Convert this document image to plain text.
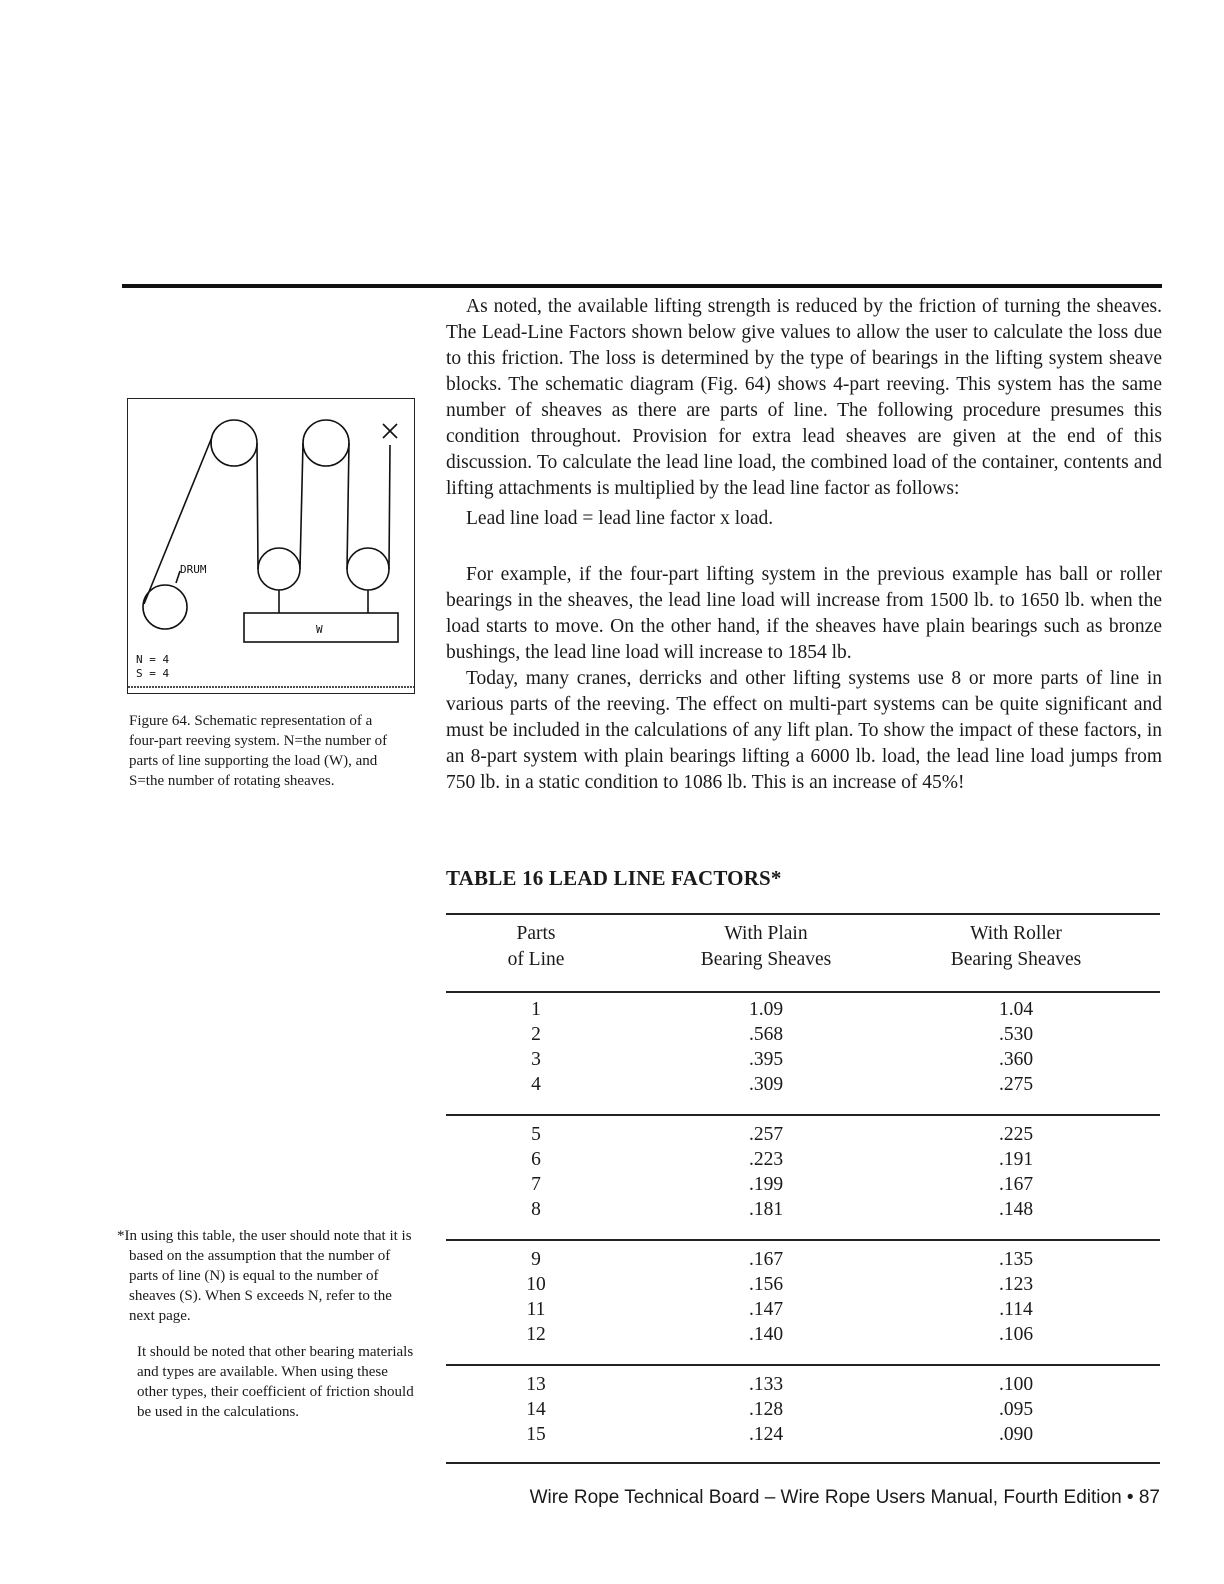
As noted, the available lifting strength is reduced by the friction of turning the sheaves. The Lead-Line Factors shown below give values to allow the user to calculate the loss due to this friction. The loss is determined by the type of bearings in the lifting system sheave blocks. The schematic diagram (Fig. 64) shows 4-part reeving. This system has the same number of sheaves as there are parts of line. The following procedure presumes this condition throughout. Provision for extra lead sheaves are given at the end of this discussion. To calculate the lead line load, the combined load of the container, contents and lifting attachments is multiplied by the lead line factor as follows:

Lead line load = lead line factor x load.

For example, if the four-part lifting system in the previous example has ball or roller bearings in the sheaves, the lead line load will increase from 1500 lb. to 1650 lb. when the load starts to move. On the other hand, if the sheaves have plain bearings such as bronze bushings, the lead line load will increase to 1854 lb.

Today, many cranes, derricks and other lifting systems use 8 or more parts of line in various parts of the reeving. The effect on multi-part systems can be quite significant and must be included in the calculations of any lift plan. To show the impact of these factors, in an 8-part system with plain bearings lifting a 6000 lb. load, the lead line load jumps from 750 lb. in a static condition to 1086 lb. This is an increase of 45%!

DRUM
W
N = 4
S = 4
Figure 64. Schematic representation of a four-part reeving system. N=the number of parts of line supporting the load (W), and S=the number of rotating sheaves.
TABLE 16 LEAD LINE FACTORS*
Parts
of Line
With Plain
Bearing Sheaves
With Roller
Bearing Sheaves
1	1.09	1.04
2	.568	.530
3	.395	.360
4	.309	.275
5	.257	.225
6	.223	.191
7	.199	.167
8	.181	.148
9	.167	.135
10	.156	.123
11	.147	.114
12	.140	.106
13	.133	.100
14	.128	.095
15	.124	.090

*In using this table, the user should note that it is based on the assumption that the number of parts of line (N) is equal to the number of sheaves (S). When S exceeds N, refer to the next page.

It should be noted that other bearing materials and types are available. When using these other types, their coefficient of friction should be used in the calculations.

Wire Rope Technical Board – Wire Rope Users Manual, Fourth Edition • 87
